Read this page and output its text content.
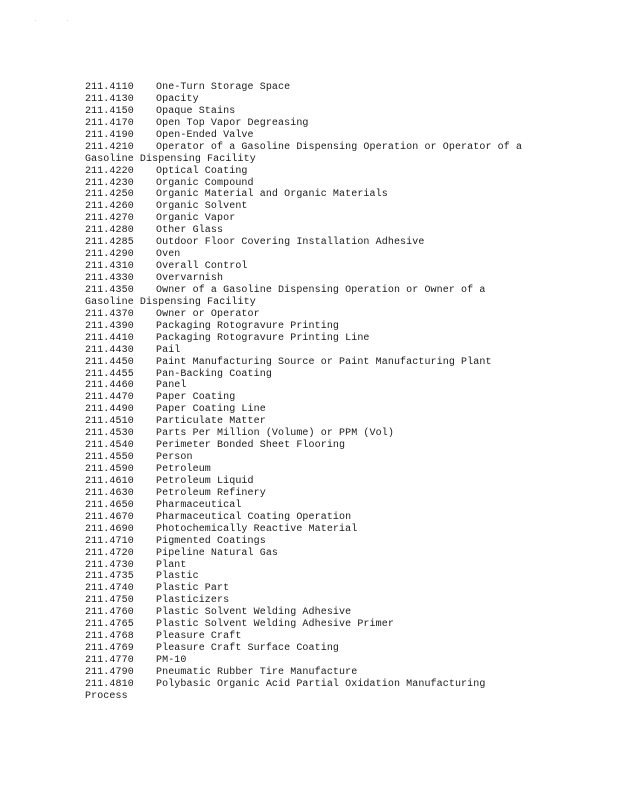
211.4110	One-Turn Storage Space
211.4130	Opacity
211.4150	Opaque Stains
211.4170	Open Top Vapor Degreasing
211.4190	Open-Ended Valve
211.4210	Operator of a Gasoline Dispensing Operation or Operator of a
Gasoline Dispensing Facility
211.4220	Optical Coating
211.4230	Organic Compound
211.4250	Organic Material and Organic Materials
211.4260	Organic Solvent
211.4270	Organic Vapor
211.4280	Other Glass
211.4285	Outdoor Floor Covering Installation Adhesive
211.4290	Oven
211.4310	Overall Control
211.4330	Overvarnish
211.4350	Owner of a Gasoline Dispensing Operation or Owner of a
Gasoline Dispensing Facility
211.4370	Owner or Operator
211.4390	Packaging Rotogravure Printing
211.4410	Packaging Rotogravure Printing Line
211.4430	Pail
211.4450	Paint Manufacturing Source or Paint Manufacturing Plant
211.4455	Pan-Backing Coating
211.4460	Panel
211.4470	Paper Coating
211.4490	Paper Coating Line
211.4510	Particulate Matter
211.4530	Parts Per Million (Volume) or PPM (Vol)
211.4540	Perimeter Bonded Sheet Flooring
211.4550	Person
211.4590	Petroleum
211.4610	Petroleum Liquid
211.4630	Petroleum Refinery
211.4650	Pharmaceutical
211.4670	Pharmaceutical Coating Operation
211.4690	Photochemically Reactive Material
211.4710	Pigmented Coatings
211.4720	Pipeline Natural Gas
211.4730	Plant
211.4735	Plastic
211.4740	Plastic Part
211.4750	Plasticizers
211.4760	Plastic Solvent Welding Adhesive
211.4765	Plastic Solvent Welding Adhesive Primer
211.4768	Pleasure Craft
211.4769	Pleasure Craft Surface Coating
211.4770	PM-10
211.4790	Pneumatic Rubber Tire Manufacture
211.4810	Polybasic Organic Acid Partial Oxidation Manufacturing
Process
